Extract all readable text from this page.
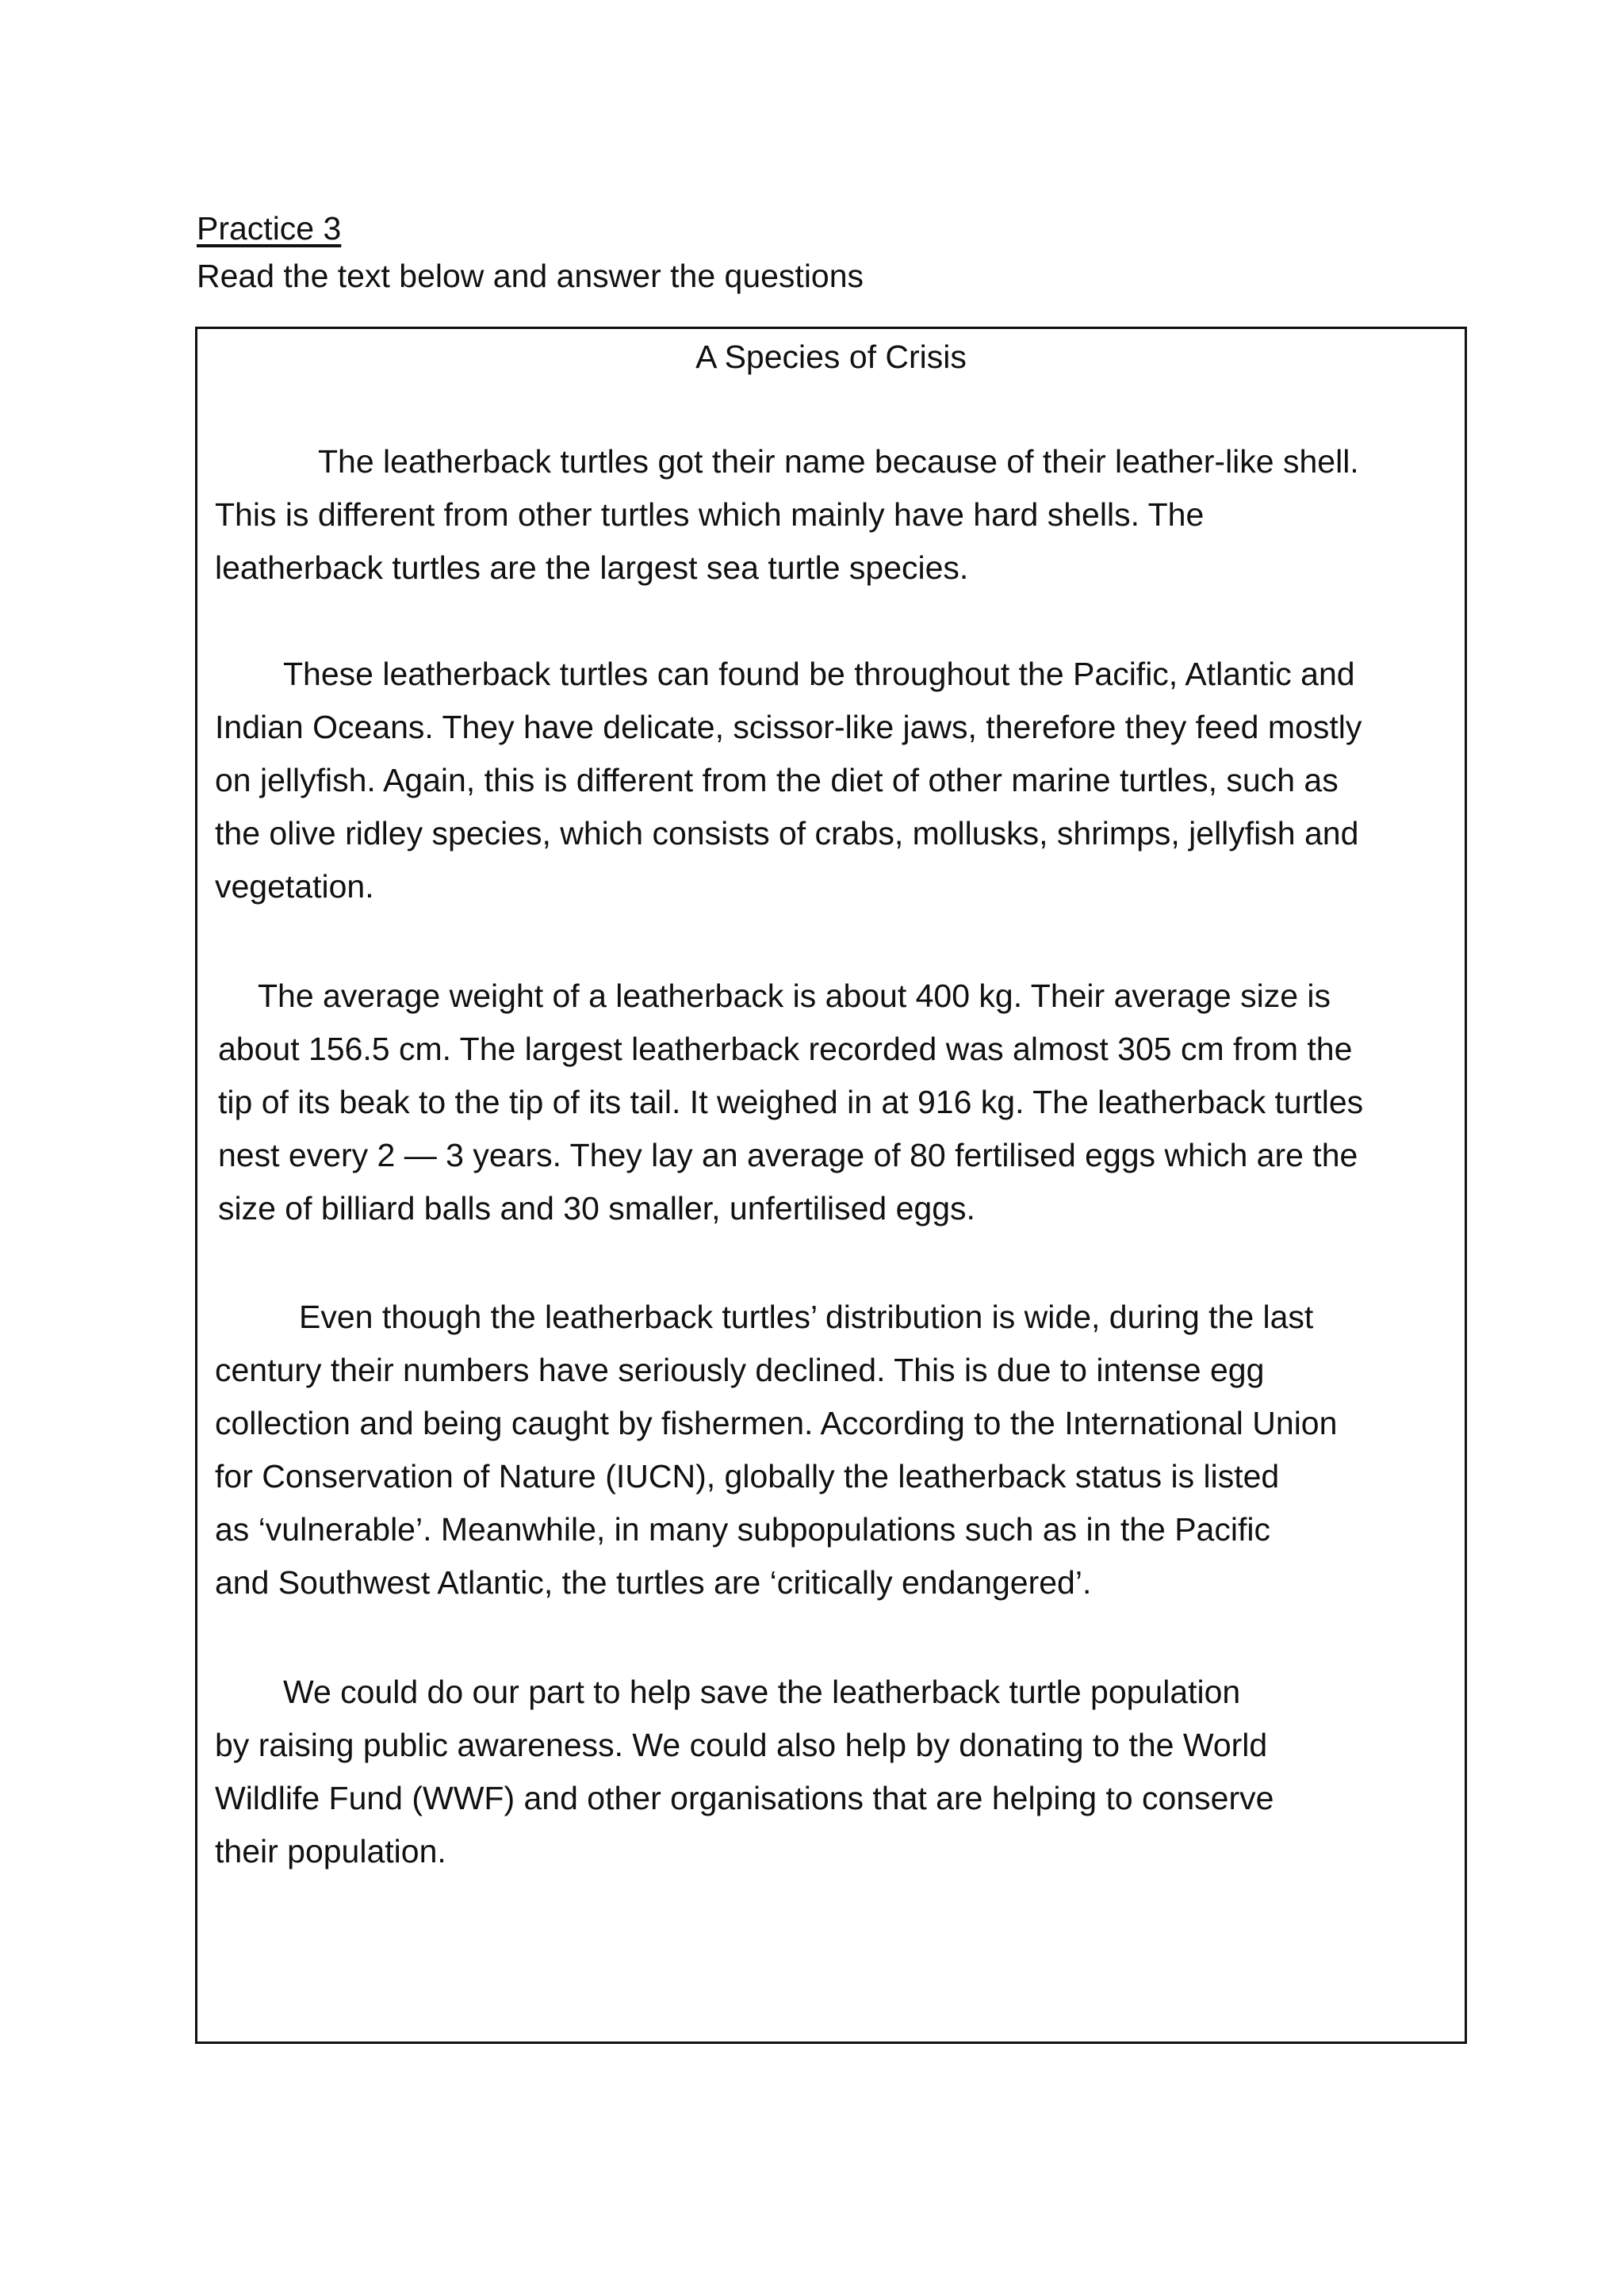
Practice 3
Read the text below and answer the questions
A Species of Crisis
The leatherback turtles got their name because of their leather-like shell.
This is different from other turtles which mainly have hard shells. The
leatherback turtles are the largest sea turtle species.
These leatherback turtles can found be throughout the Pacific, Atlantic and
Indian Oceans. They have delicate, scissor-like jaws, therefore they feed mostly
on jellyfish. Again, this is different from the diet of other marine turtles, such as
the olive ridley species, which consists of crabs, mollusks, shrimps, jellyfish and
vegetation.
The average weight of a leatherback is about 400 kg. Their average size is
about 156.5 cm. The largest leatherback recorded was almost 305 cm from the
tip of its beak to the tip of its tail. It weighed in at 916 kg. The leatherback turtles
nest every 2 — 3 years. They lay an average of 80 fertilised eggs which are the
size of billiard balls and 30 smaller, unfertilised eggs.
Even though the leatherback turtles’ distribution is wide, during the last
century their numbers have seriously declined. This is due to intense egg
collection and being caught by fishermen. According to the International Union
for Conservation of Nature (IUCN), globally the leatherback status is listed
as ‘vulnerable’. Meanwhile, in many subpopulations such as in the Pacific
and Southwest Atlantic, the turtles are ‘critically endangered’.
We could do our part to help save the leatherback turtle population
by raising public awareness. We could also help by donating to the World
Wildlife Fund (WWF) and other organisations that are helping to conserve
their population.
